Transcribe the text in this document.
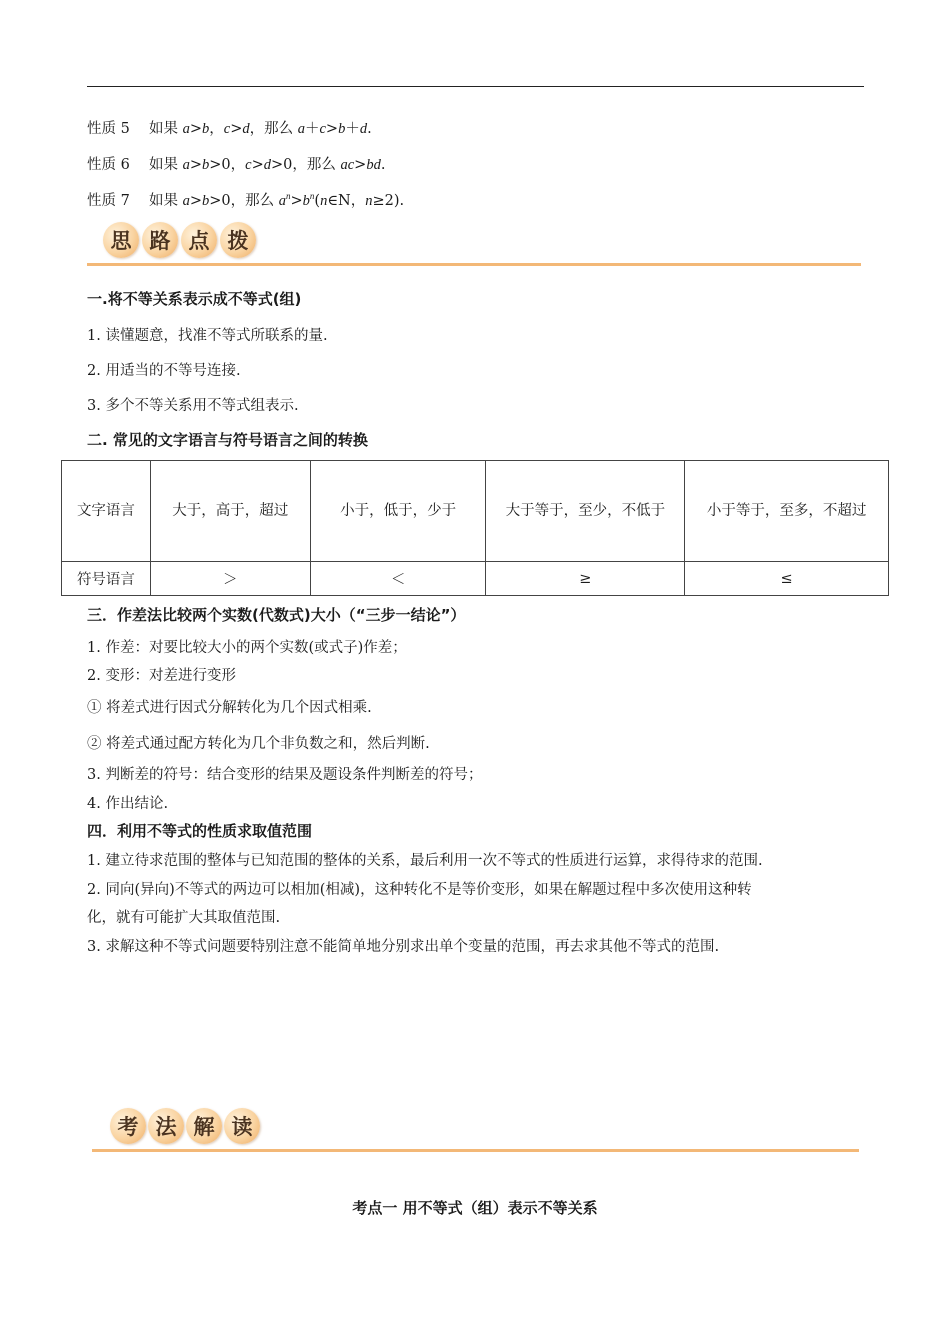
性质 5 如果 a>b，c>d，那么 a＋c>b＋d.
性质 6 如果 a>b>0，c>d>0，那么 ac>bd.
性质 7 如果 a>b>0，那么 $a^n>b^n(n\in N$，n≥2).
思 路 点 拨
一.将不等关系表示成不等式(组)
1. 读懂题意，找准不等式所联系的量.
2. 用适当的不等号连接.
3. 多个不等关系用不等式组表示.
二. 常见的文字语言与符号语言之间的转换
文字语言	大于，高于，超过	小于，低于，少于	大于等于，至少，不低于	小于等于，至多，不超过
符号语言	＞	＜	≥	≤
三．作差法比较两个实数(代数式)大小（“三步一结论”）
1. 作差：对要比较大小的两个实数(或式子)作差；
2. 变形：对差进行变形
① 将差式进行因式分解转化为几个因式相乘.
② 将差式通过配方转化为几个非负数之和，然后判断.
3. 判断差的符号：结合变形的结果及题设条件判断差的符号；
4. 作出结论.
四．利用不等式的性质求取值范围
1. 建立待求范围的整体与已知范围的整体的关系，最后利用一次不等式的性质进行运算，求得待求的范围.
2. 同向(异向)不等式的两边可以相加(相减)，这种转化不是等价变形，如果在解题过程中多次使用这种转
化，就有可能扩大其取值范围.
3. 求解这种不等式问题要特别注意不能简单地分别求出单个变量的范围，再去求其他不等式的范围.
考 法 解 读
考点一 用不等式（组）表示不等关系
